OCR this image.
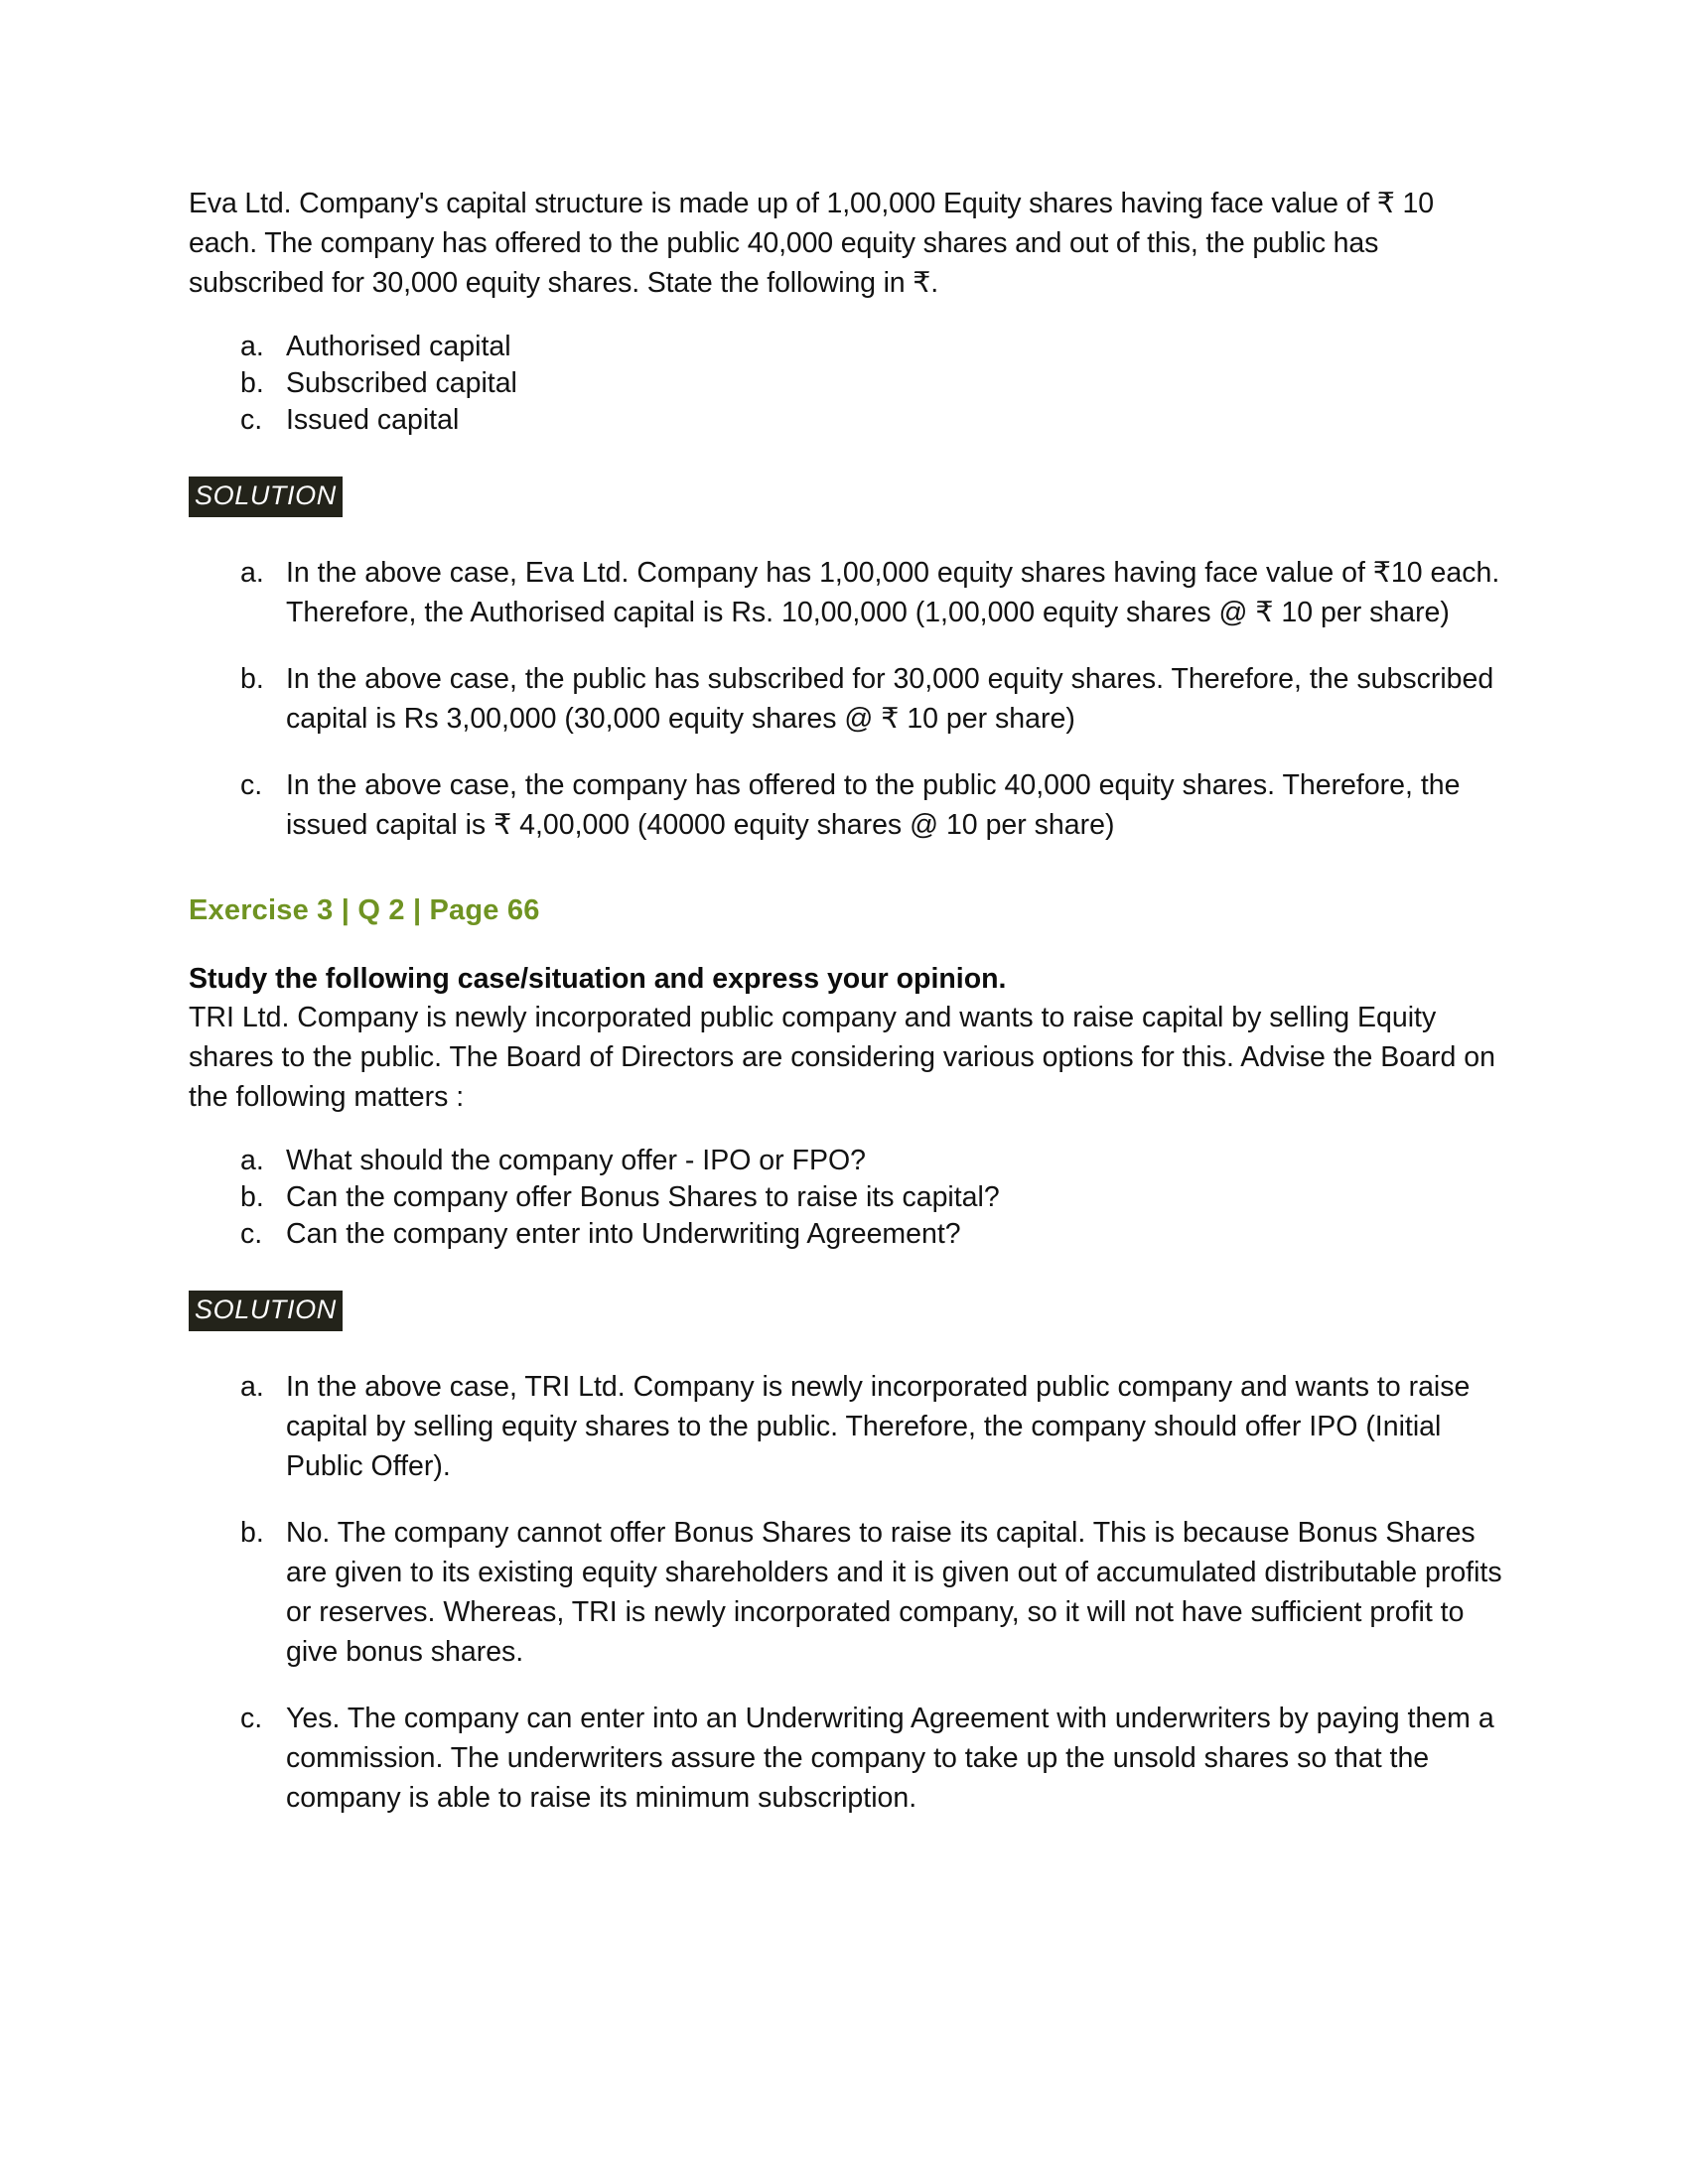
Eva Ltd. Company's capital structure is made up of 1,00,000 Equity shares having face value of ₹ 10 each. The company has offered to the public 40,000 equity shares and out of this, the public has subscribed for 30,000 equity shares. State the following in ₹.

a. Authorised capital
b. Subscribed capital
c. Issued capital
SOLUTION
a. In the above case, Eva Ltd. Company has 1,00,000 equity shares having face value of ₹10 each. Therefore, the Authorised capital is Rs. 10,00,000 (1,00,000 equity shares @ ₹ 10 per share)
b. In the above case, the public has subscribed for 30,000 equity shares. Therefore, the subscribed capital is Rs 3,00,000 (30,000 equity shares @ ₹ 10 per share)
c. In the above case, the company has offered to the public 40,000 equity shares. Therefore, the issued capital is ₹ 4,00,000 (40000 equity shares @ 10 per share)
Exercise 3 | Q 2 | Page 66

Study the following case/situation and express your opinion.

TRI Ltd. Company is newly incorporated public company and wants to raise capital by selling Equity shares to the public. The Board of Directors are considering various options for this. Advise the Board on the following matters :

a. What should the company offer - IPO or FPO?
b. Can the company offer Bonus Shares to raise its capital?
c. Can the company enter into Underwriting Agreement?
SOLUTION
a. In the above case, TRI Ltd. Company is newly incorporated public company and wants to raise capital by selling equity shares to the public. Therefore, the company should offer IPO (Initial Public Offer).
b. No. The company cannot offer Bonus Shares to raise its capital. This is because Bonus Shares are given to its existing equity shareholders and it is given out of accumulated distributable profits or reserves. Whereas, TRI is newly incorporated company, so it will not have sufficient profit to give bonus shares.
c. Yes. The company can enter into an Underwriting Agreement with underwriters by paying them a commission. The underwriters assure the company to take up the unsold shares so that the company is able to raise its minimum subscription.
